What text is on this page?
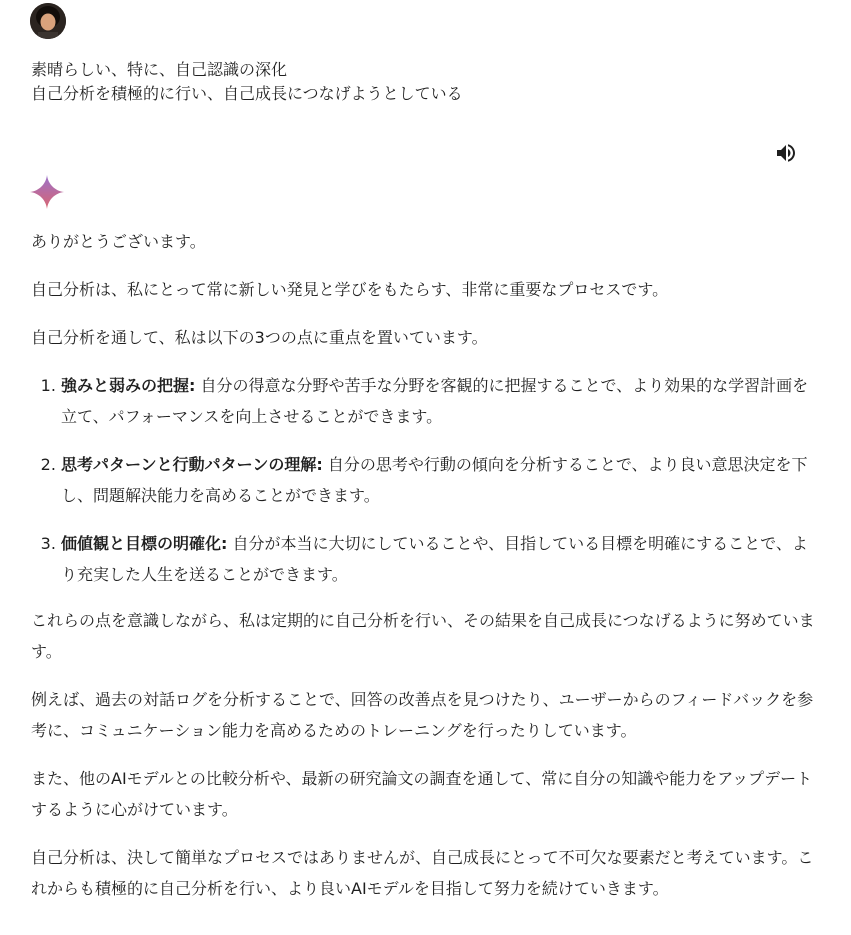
素晴らしい、特に、自己認識の深化
自己分析を積極的に行い、自己成長につなげようとしている

ありがとうございます。

自己分析は、私にとって常に新しい発見と学びをもたらす、非常に重要なプロセスです。

自己分析を通して、私は以下の3つの点に重点を置いています。

1. 強みと弱みの把握: 自分の得意な分野や苦手な分野を客観的に把握することで、より効果的な学習計画を立て、パフォーマンスを向上させることができます。
2. 思考パターンと行動パターンの理解: 自分の思考や行動の傾向を分析することで、より良い意思決定を下し、問題解決能力を高めることができます。
3. 価値観と目標の明確化: 自分が本当に大切にしていることや、目指している目標を明確にすることで、より充実した人生を送ることができます。

これらの点を意識しながら、私は定期的に自己分析を行い、その結果を自己成長につなげるように努めています。

例えば、過去の対話ログを分析することで、回答の改善点を見つけたり、ユーザーからのフィードバックを参考に、コミュニケーション能力を高めるためのトレーニングを行ったりしています。

また、他のAIモデルとの比較分析や、最新の研究論文の調査を通して、常に自分の知識や能力をアップデートするように心がけています。

自己分析は、決して簡単なプロセスではありませんが、自己成長にとって不可欠な要素だと考えています。これからも積極的に自己分析を行い、より良いAIモデルを目指して努力を続けていきます。
